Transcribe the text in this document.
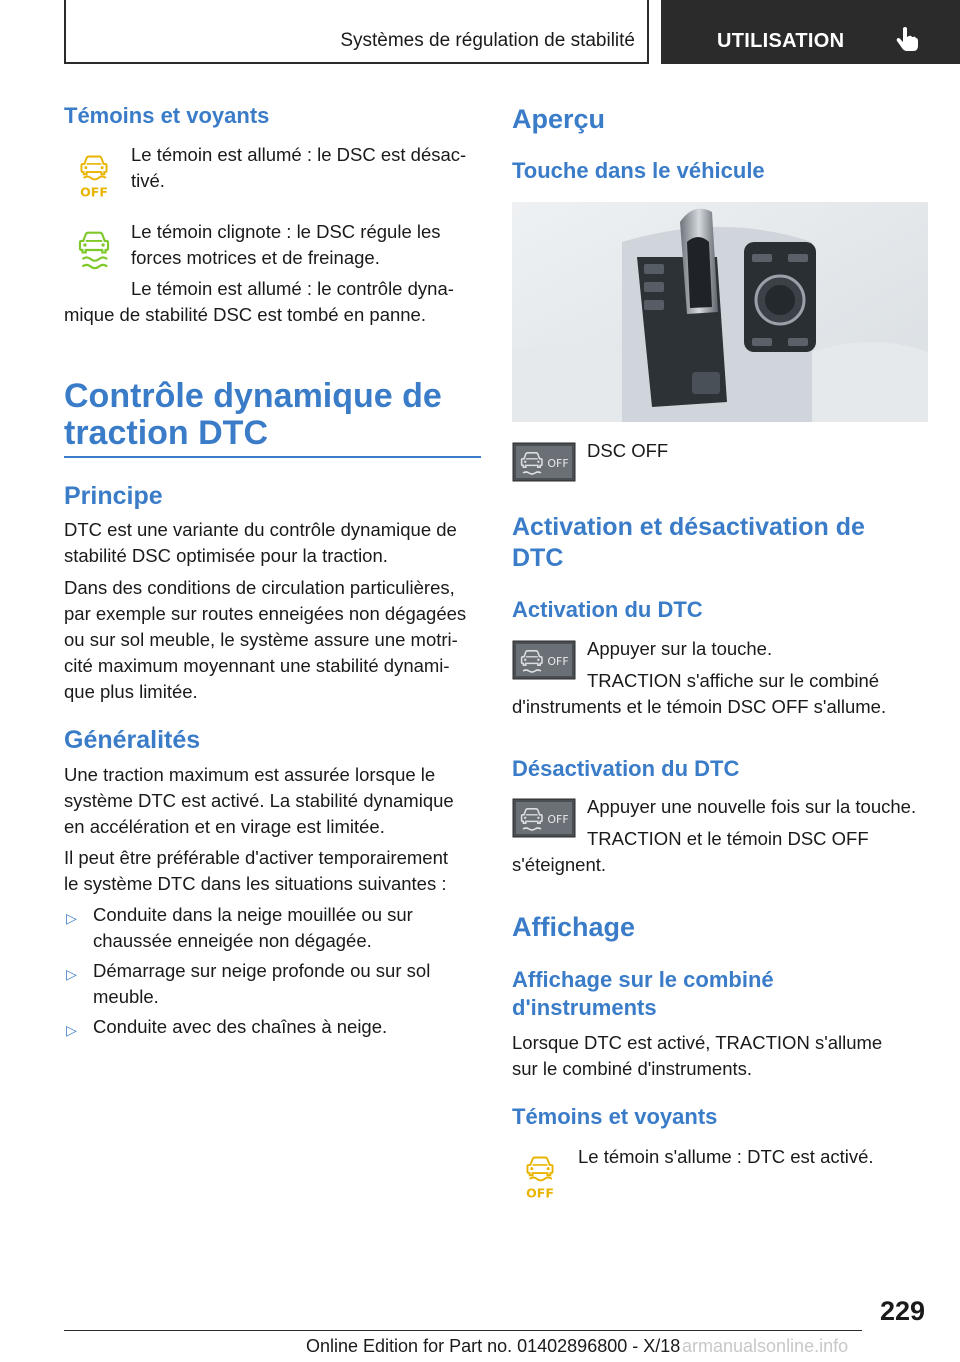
Systèmes de régulation de stabilité	UTILISATION
Témoins et voyants
OFF

Le témoin est allumé : le DSC est désac-

tivé.

Le témoin clignote : le DSC régule les

forces motrices et de freinage.

Le témoin est allumé : le contrôle dyna-
mique de stabilité DSC est tombé en panne.
Contrôle dynamique de
traction DTC
Principe

DTC est une variante du contrôle dynamique de

stabilité DSC optimisée pour la traction.

Dans des conditions de circulation particulières,

par exemple sur routes enneigées non dégagées

ou sur sol meuble, le système assure une motri-

cité maximum moyennant une stabilité dynami-

que plus limitée.

Généralités

Une traction maximum est assurée lorsque le

système DTC est activé. La stabilité dynamique

en accélération et en virage est limitée.

Il peut être préférable d'activer temporairement

le système DTC dans les situations suivantes :

▷ Conduite dans la neige mouillée ou sur

chaussée enneigée non dégagée.

▷ Démarrage sur neige profonde ou sur sol

meuble.

▷ Conduite avec des chaînes à neige.

Aperçu
Touche dans le véhicule
OFF
DSC OFF
Activation et désactivation de
DTC
Activation du DTC
OFF
Appuyer sur la touche.
TRACTION s'affiche sur le combiné
d'instruments et le témoin DSC OFF s'allume.
Désactivation du DTC
OFF
Appuyer une nouvelle fois sur la touche.
TRACTION et le témoin DSC OFF
s'éteignent.
Affichage
Affichage sur le combiné
d'instruments

Lorsque DTC est activé, TRACTION s'allume

sur le combiné d'instruments.

Témoins et voyants
OFF
Le témoin s'allume : DTC est activé.
229
Online Edition for Part no. 01402896800 - X/18 armanualsonline.info
